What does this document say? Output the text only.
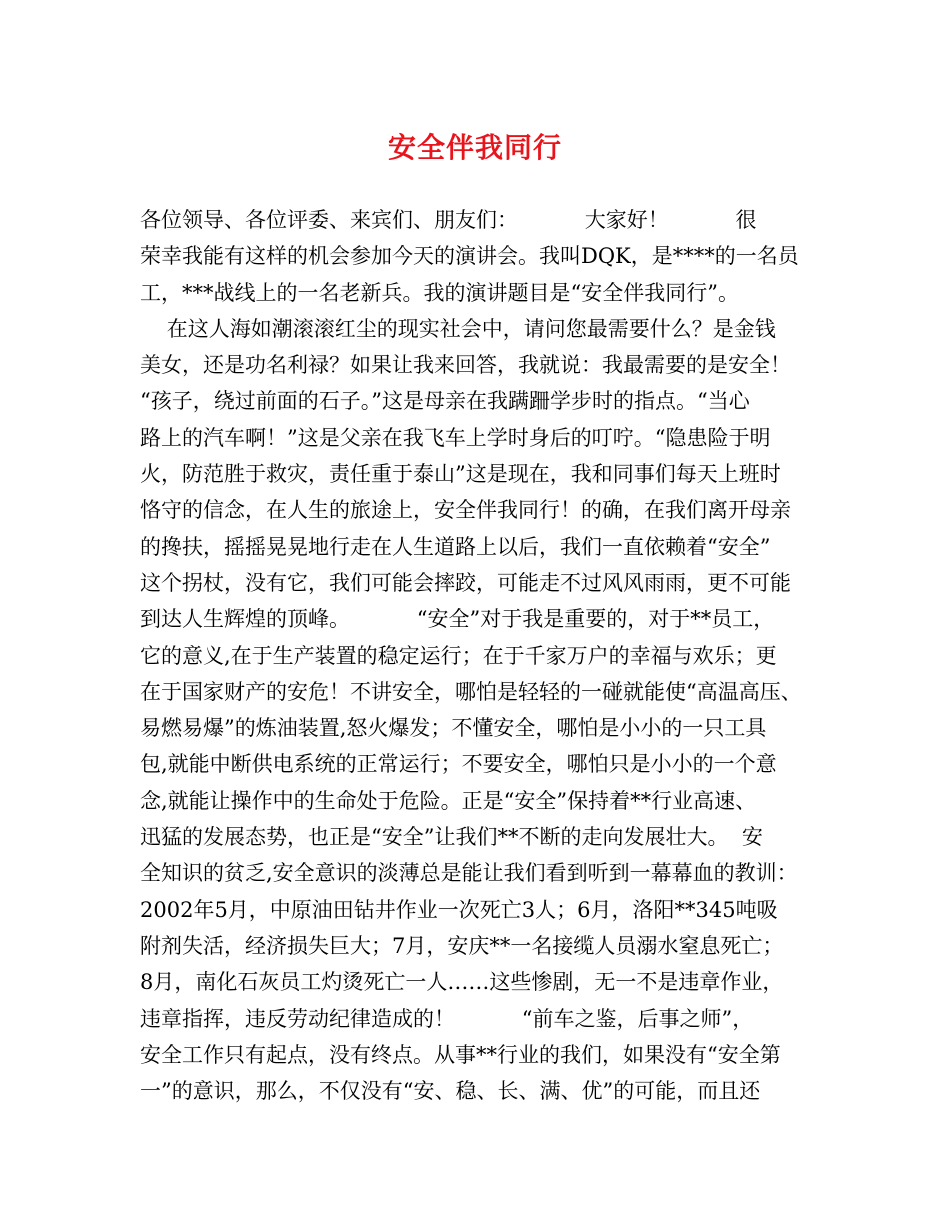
安全伴我同行
各位领导、各位评委、来宾们、朋友们：          大家好！          很
荣幸我能有这样的机会参加今天的演讲会。我叫DQK，是****的一名员
工，***战线上的一名老新兵。我的演讲题目是“安全伴我同行”。
在这人海如潮滚滚红尘的现实社会中，请问您最需要什么？是金钱
美女，还是功名利禄？如果让我来回答，我就说：我最需要的是安全！
“孩子，绕过前面的石子。”这是母亲在我蹒跚学步时的指点。“当心
路上的汽车啊！”这是父亲在我飞车上学时身后的叮咛。“隐患险于明
火，防范胜于救灾，责任重于泰山”这是现在，我和同事们每天上班时
恪守的信念，在人生的旅途上，安全伴我同行！的确，在我们离开母亲
的搀扶，摇摇晃晃地行走在人生道路上以后，我们一直依赖着“安全”
这个拐杖，没有它，我们可能会摔跤，可能走不过风风雨雨，更不可能
到达人生辉煌的顶峰。          “安全”对于我是重要的，对于**员工，
它的意义,在于生产装置的稳定运行；在于千家万户的幸福与欢乐；更
在于国家财产的安危！不讲安全，哪怕是轻轻的一碰就能使“高温高压、
易燃易爆”的炼油装置,怒火爆发；不懂安全，哪怕是小小的一只工具
包,就能中断供电系统的正常运行；不要安全，哪怕只是小小的一个意
念,就能让操作中的生命处于危险。正是“安全”保持着**行业高速、
迅猛的发展态势，也正是“安全”让我们**不断的走向发展壮大。  安
全知识的贫乏,安全意识的淡薄总是能让我们看到听到一幕幕血的教训：
2002年5月，中原油田钻井作业一次死亡3人；6月，洛阳**345吨吸
附剂失活，经济损失巨大；7月，安庆**一名接缆人员溺水窒息死亡；
8月，南化石灰员工灼烫死亡一人……这些惨剧，无一不是违章作业，
违章指挥，违反劳动纪律造成的！          “前车之鉴，后事之师”，
安全工作只有起点，没有终点。从事**行业的我们，如果没有“安全第
一”的意识，那么，不仅没有“安、稳、长、满、优”的可能，而且还
